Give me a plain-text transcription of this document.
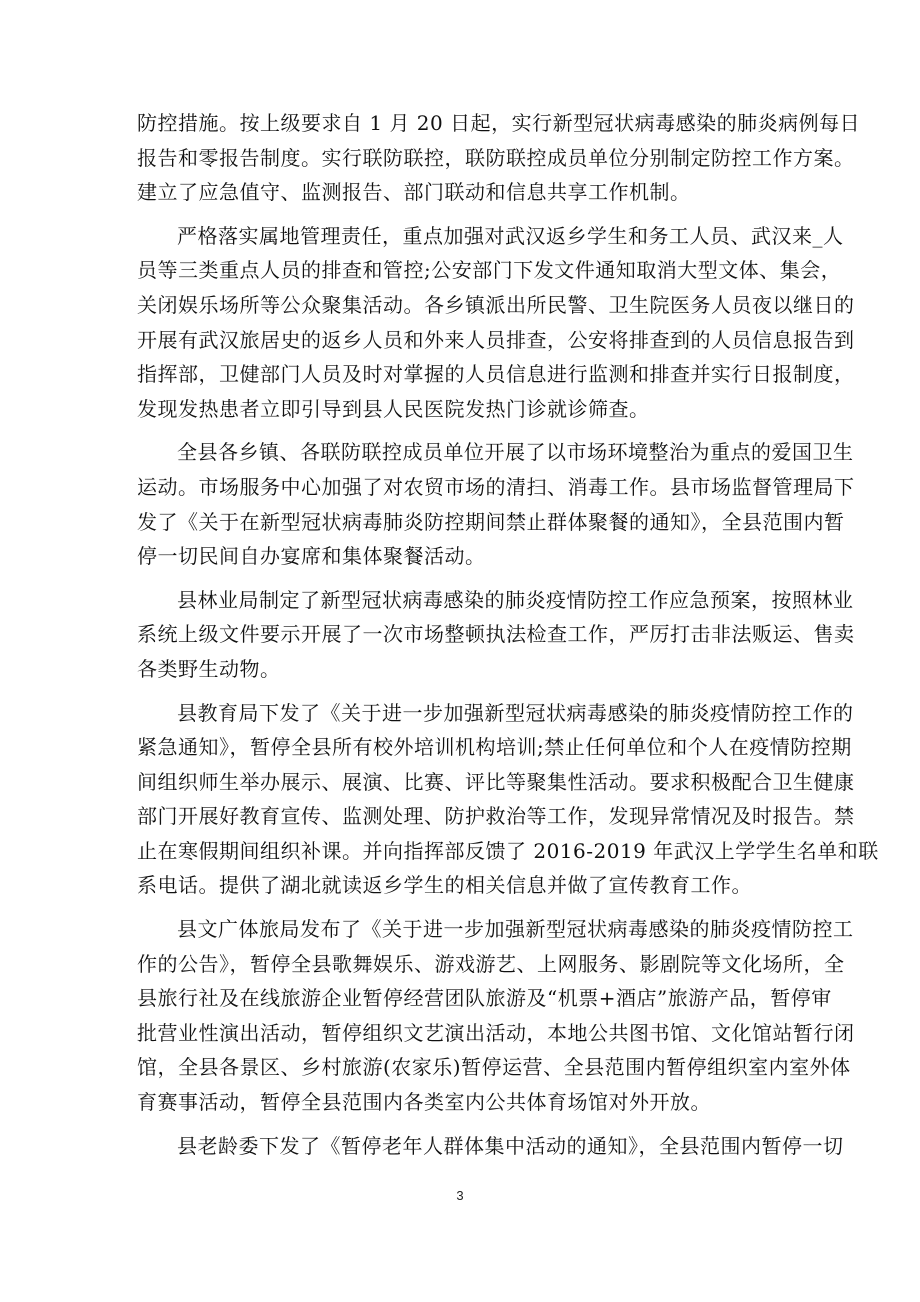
防控措施。按上级要求自 1 月 20 日起，实行新型冠状病毒感染的肺炎病例每日
报告和零报告制度。实行联防联控，联防联控成员单位分别制定防控工作方案。
建立了应急值守、监测报告、部门联动和信息共享工作机制。

严格落实属地管理责任，重点加强对武汉返乡学生和务工人员、武汉来_人
员等三类重点人员的排查和管控;公安部门下发文件通知取消大型文体、集会，
关闭娱乐场所等公众聚集活动。各乡镇派出所民警、卫生院医务人员夜以继日的
开展有武汉旅居史的返乡人员和外来人员排查，公安将排查到的人员信息报告到
指挥部，卫健部门人员及时对掌握的人员信息进行监测和排查并实行日报制度，
发现发热患者立即引导到县人民医院发热门诊就诊筛查。

全县各乡镇、各联防联控成员单位开展了以市场环境整治为重点的爱国卫生
运动。市场服务中心加强了对农贸市场的清扫、消毒工作。县市场监督管理局下
发了《关于在新型冠状病毒肺炎防控期间禁止群体聚餐的通知》，全县范围内暂
停一切民间自办宴席和集体聚餐活动。

县林业局制定了新型冠状病毒感染的肺炎疫情防控工作应急预案，按照林业
系统上级文件要示开展了一次市场整顿执法检查工作，严厉打击非法贩运、售卖
各类野生动物。

县教育局下发了《关于进一步加强新型冠状病毒感染的肺炎疫情防控工作的
紧急通知》，暂停全县所有校外培训机构培训;禁止任何单位和个人在疫情防控期
间组织师生举办展示、展演、比赛、评比等聚集性活动。要求积极配合卫生健康
部门开展好教育宣传、监测处理、防护救治等工作，发现异常情况及时报告。禁
止在寒假期间组织补课。并向指挥部反馈了 2016-2019 年武汉上学学生名单和联
系电话。提供了湖北就读返乡学生的相关信息并做了宣传教育工作。

县文广体旅局发布了《关于进一步加强新型冠状病毒感染的肺炎疫情防控工
作的公告》，暂停全县歌舞娱乐、游戏游艺、上网服务、影剧院等文化场所，全
县旅行社及在线旅游企业暂停经营团队旅游及“机票+酒店”旅游产品，暂停审
批营业性演出活动，暂停组织文艺演出活动，本地公共图书馆、文化馆站暂行闭
馆，全县各景区、乡村旅游(农家乐)暂停运营、全县范围内暂停组织室内室外体
育赛事活动，暂停全县范围内各类室内公共体育场馆对外开放。

县老龄委下发了《暂停老年人群体集中活动的通知》，全县范围内暂停一切

3
